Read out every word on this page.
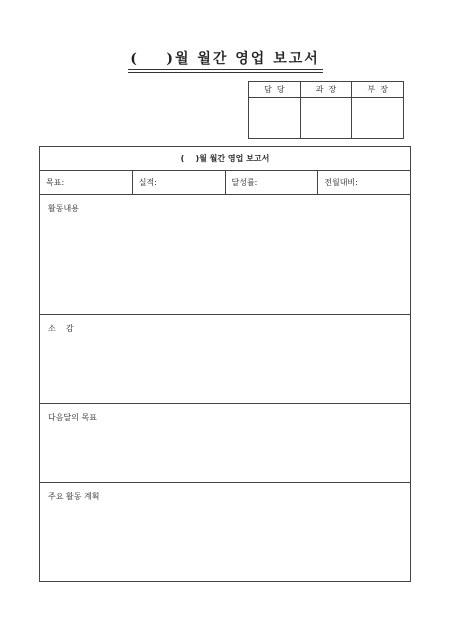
(    )월 월간 영업 보고서
담  당	과  장	부  장
(    )월 월간 영업 보고서
목표:	실적:	달성률:	전월대비:
활동내용
소    감
다음달의 목표
주요 활동 계획
